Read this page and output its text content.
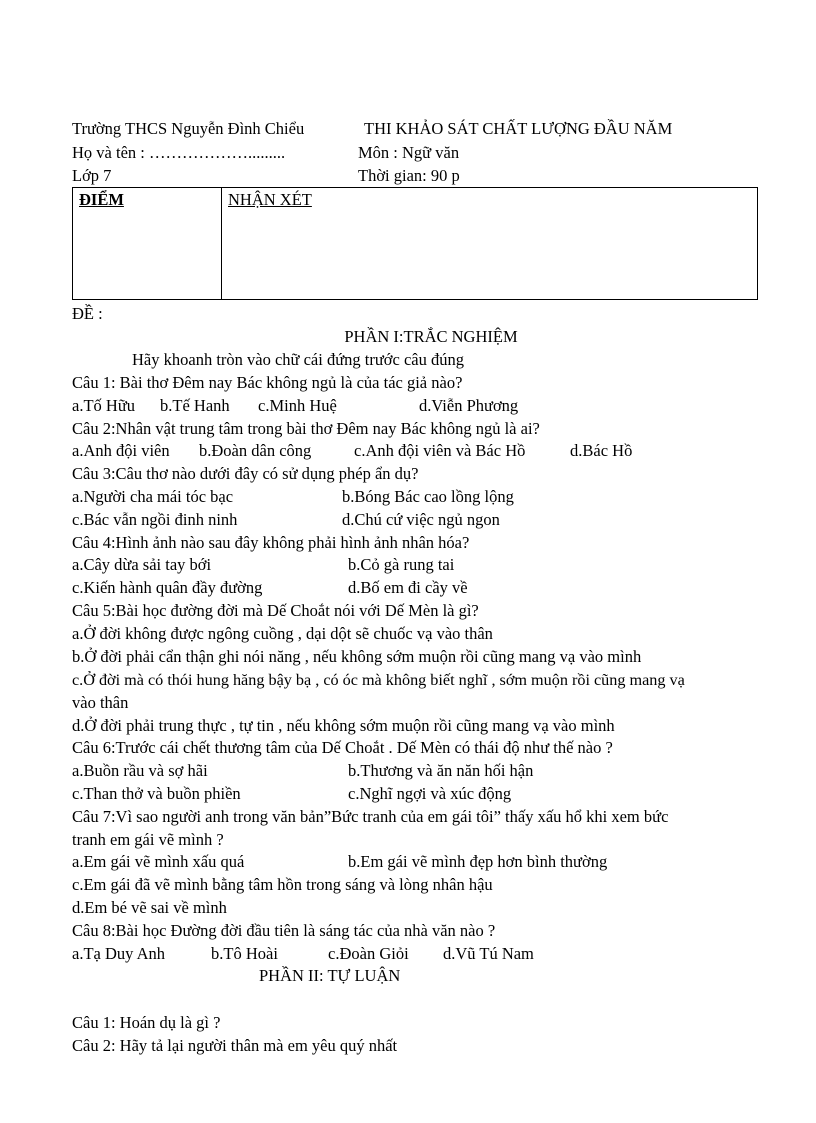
Trường THCS Nguyễn Đình Chiểu	THI KHẢO SÁT CHẤT LƯỢNG ĐẦU NĂM
Họ và tên : ……………….........	Môn : Ngữ văn
Lớp 7	Thời gian: 90 p
ĐIỂM	NHẬN XÉT
ĐỀ :
PHẦN I:TRẮC NGHIỆM
Hãy khoanh tròn vào chữ cái đứng trước câu đúng
Câu 1: Bài thơ Đêm nay Bác không ngủ là của tác giả nào?
a.Tố Hữu b.Tế Hanh c.Minh Huệ	d.Viễn Phương
Câu 2:Nhân vật trung tâm trong bài thơ Đêm nay Bác không ngủ là ai?
a.Anh đội viên b.Đoàn dân công	c.Anh đội viên và Bác Hồ	d.Bác Hồ
Câu 3:Câu thơ nào dưới đây có sử dụng phép ẩn dụ?
a.Người cha mái tóc bạc	b.Bóng Bác cao lồng lộng
c.Bác vẫn ngồi đinh ninh	d.Chú cứ việc ngủ ngon
Câu 4:Hình ảnh nào sau đây không phải hình ảnh nhân hóa?
a.Cây dừa sải tay bới	b.Cỏ gà rung tai
c.Kiến hành quân đầy đường	d.Bố em đi cầy về
Câu 5:Bài học đường đời mà Dế Choắt nói với Dế Mèn là gì?
a.Ở đời không được ngông cuồng , dại dột sẽ chuốc vạ vào thân
b.Ở đời phải cẩn thận ghi nói năng , nếu không sớm muộn rồi cũng mang vạ vào mình
c.Ở đời mà có thói hung hăng bậy bạ , có óc mà không biết nghĩ , sớm muộn rồi cũng mang vạ
vào thân
d.Ở đời phải trung thực , tự tin , nếu không sớm muộn rồi cũng mang vạ vào mình
Câu 6:Trước cái chết thương tâm của Dế Choắt . Dế Mèn có thái độ như thế nào ?
a.Buồn rầu và sợ hãi	b.Thương và ăn năn hối hận
c.Than thở và buồn phiền	c.Nghĩ ngợi và xúc động
Câu 7:Vì sao người anh trong văn bản”Bức tranh của em gái tôi” thấy xấu hổ khi xem bức
tranh em gái vẽ mình ?
a.Em gái vẽ mình xấu quá	b.Em gái vẽ mình đẹp hơn bình thường
c.Em gái đã vẽ mình bằng tâm hồn trong sáng và lòng nhân hậu
d.Em bé vẽ sai về mình
Câu 8:Bài học Đường đời đầu tiên là sáng tác của nhà văn nào ?
a.Tạ Duy Anh	b.Tô Hoài	c.Đoàn Giỏi d.Vũ Tú Nam
PHẦN II: TỰ LUẬN
Câu 1: Hoán dụ là gì ?
Câu 2: Hãy tả lại người thân mà em yêu quý nhất
